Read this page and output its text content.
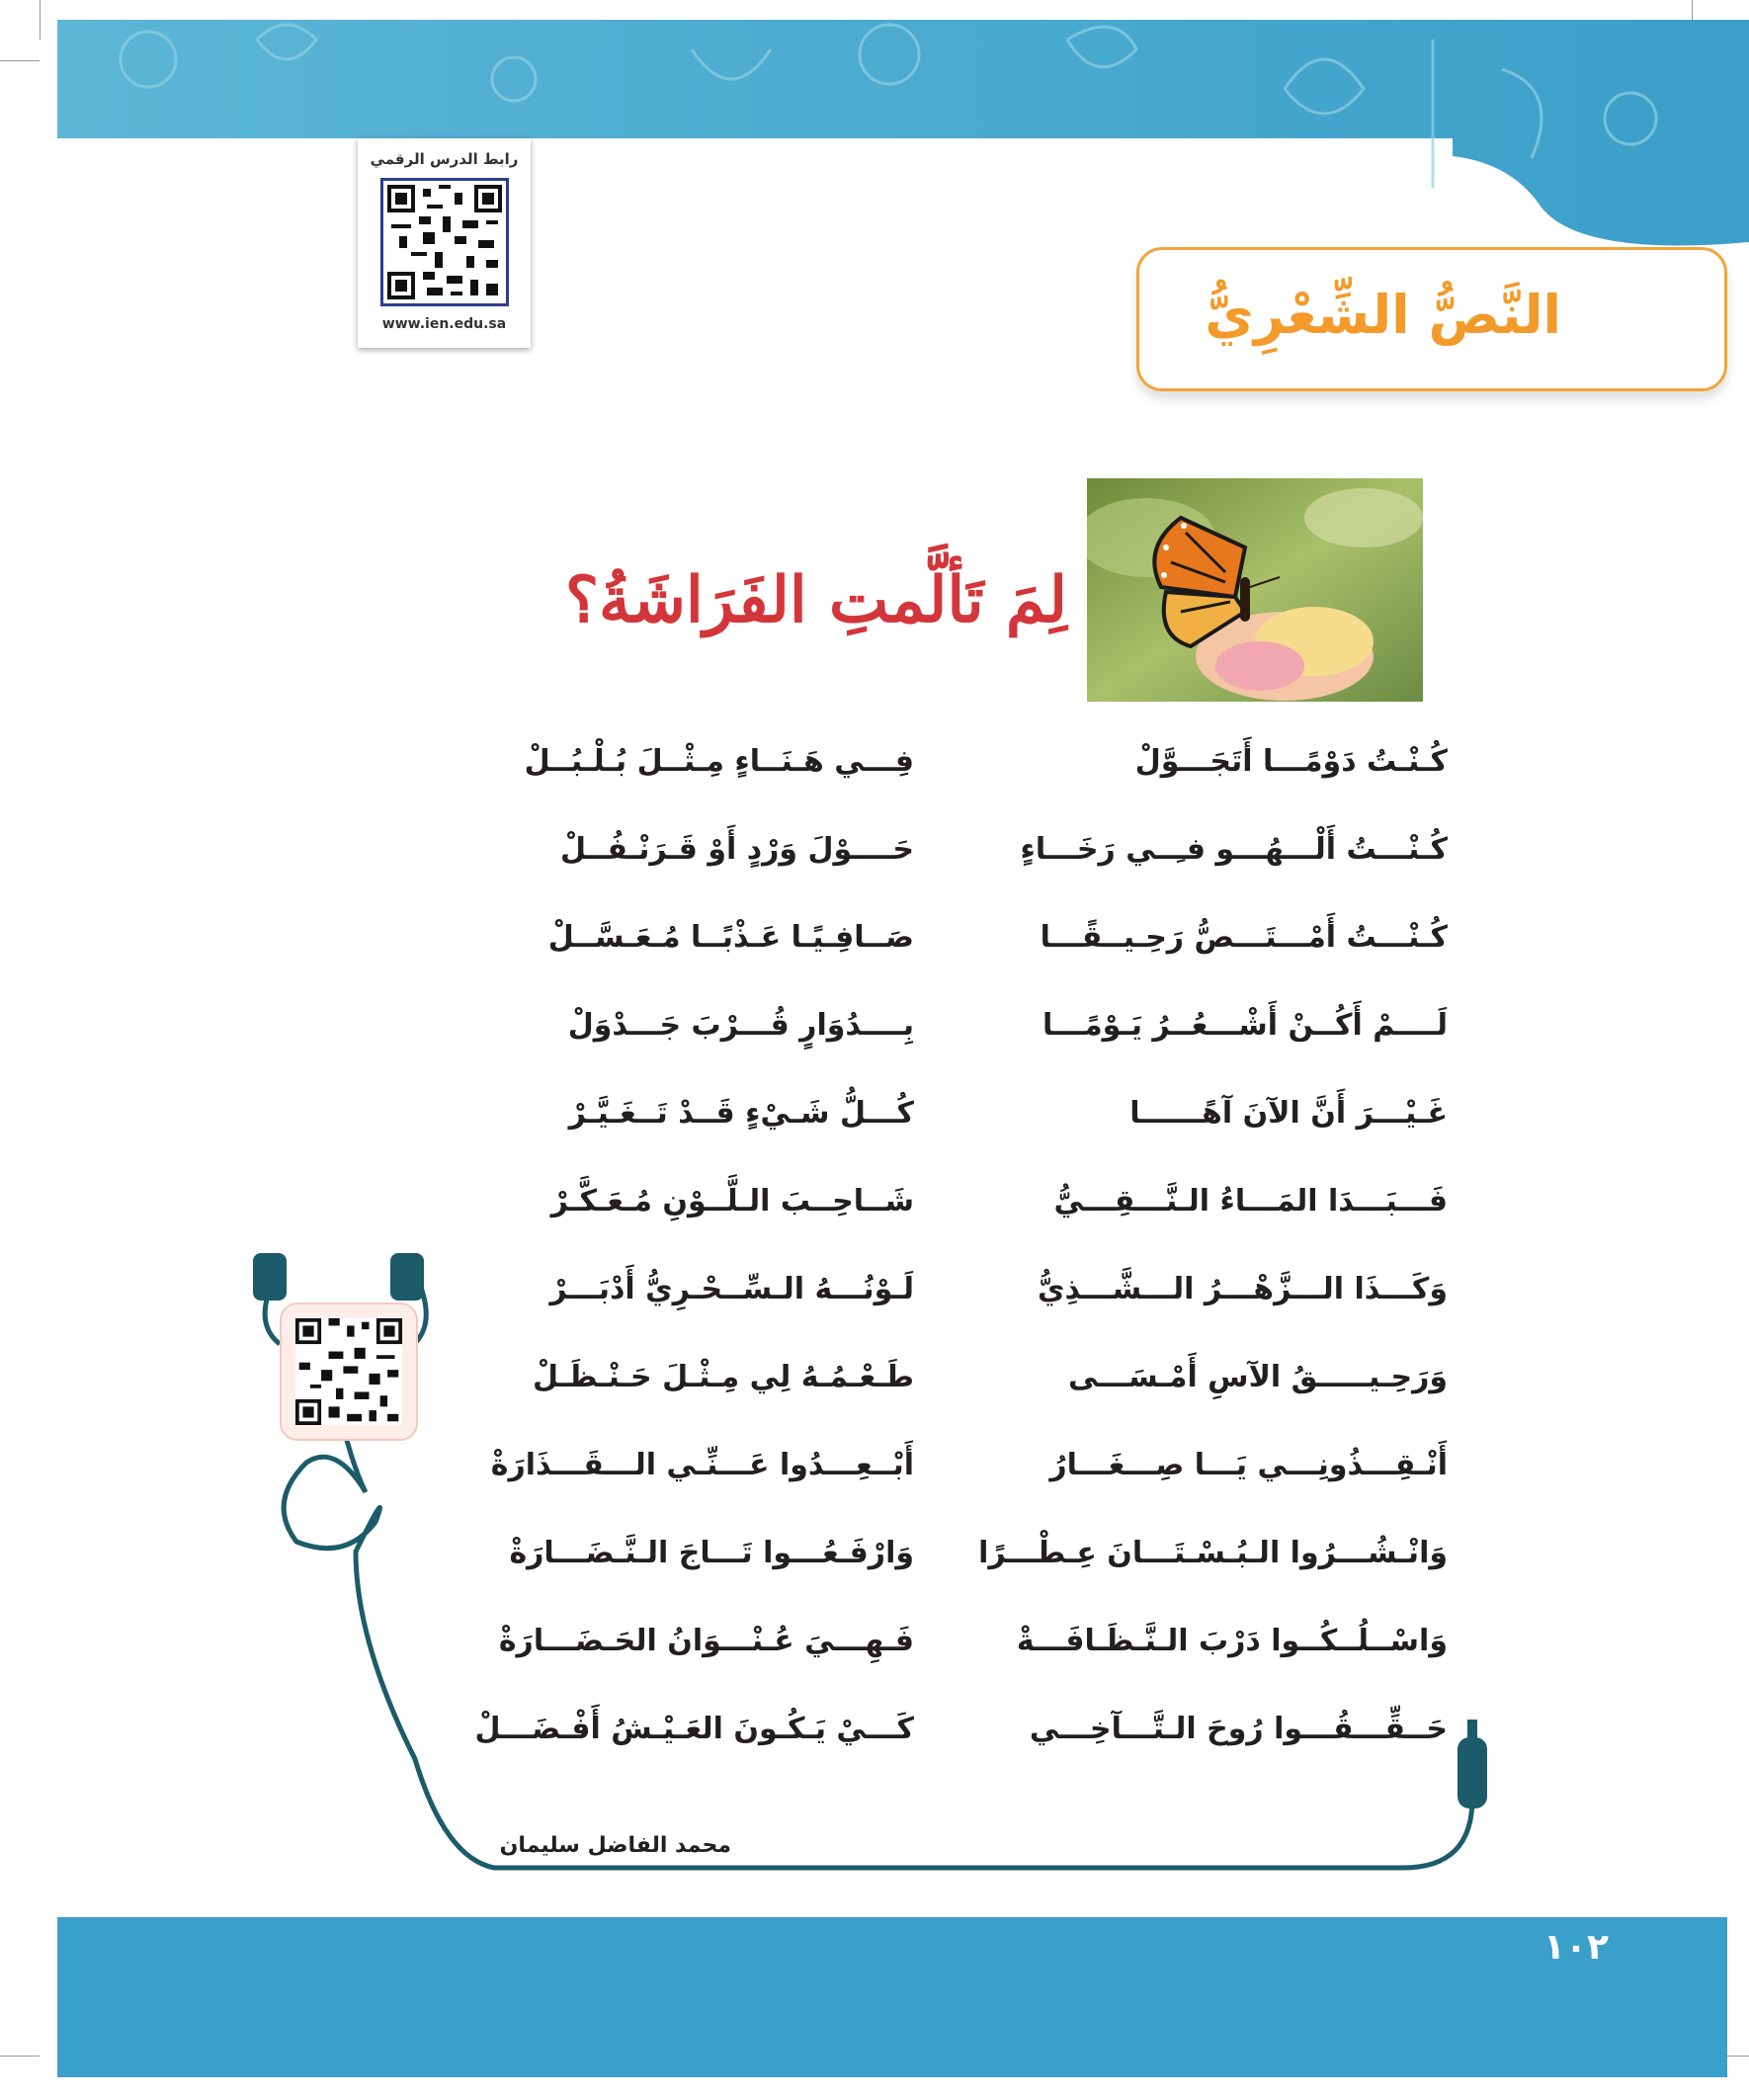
رابط الدرس الرقمي
www.ien.edu.sa	النَّصُّ الشِّعْرِيُّ
لِمَ تَألَّمتِ الفَرَاشَةُ؟
كُـنْـتُ دَوْمًـــا أَتَجَـــوَّلْ
فِـــي هَـنَــاءٍ مِـثْــلَ بُـلْـبُــلْ
كُـنْـــتُ أَلْـــهُـــو فـِــي رَخَـــاءٍ
حَــــوْلَ وَرْدٍ أَوْ قَـرَنْـفُــلْ
كُـنْـــتُ أَمْـــتَـــصُّ رَحِـيــقًـــا
صَــافِـيًـا عَـذْبًــا مُـعَـسَّــلْ
لَــــمْ أَكُــنْ أَشْـــعُــرُ يَـوْمًـــا
بِــــدُوَارٍ قُـــرْبَ جَـــدْوَلْ
غَـيْـــرَ أَنَّ الآنَ آهًــــــا
كُـــلُّ شَـيْءٍ قَــدْ تَــغَـيَّـرْ
فَـــبَـــدَا المَـــاءُ الـنَّـــقِـــيُّ
شَــاحِــبَ الـلَّــوْنِ مُـعَـكَّـرْ
وَكَـــذَا الـــزَّهْـــرُ الـــشَّـــذِيُّ
لَـوْنُـــهُ الـسِّــحْـرِيُّ أَدْبَـــرْ
وَرَحِـيـــــقُ الآسِ أَمْـسَـــى
طَـعْـمُـهُ لِي مِـثْـلَ حَـنْـظَـلْ
أَنْـقِـــذُونِـــي يَـــا صِـــغَـــارُ
أَبْــعِـــدُوا عَـــنِّـي الـــقَـــذَارَةْ
وَانْـشُـــرُوا الـبُـسْـتَـــانَ عِـطْـــرًا
وَارْفَـعُـــوا تَـــاجَ الـنَّـضَـــارَةْ
وَاسْــلُــكُــوا دَرْبَ الـنَّـظَـافَـــةْ
فَـهِـــيَ عُـنْـــوَانُ الحَـضَـــارَةْ
حَــقِّـــقُـــوا رُوحَ الـتَّـــآخِـــي
كَـــيْ يَـكُـونَ العَـيْـشُ أَفْـضَـــلْ
محمد الفاضل سليمان
١٠٢
